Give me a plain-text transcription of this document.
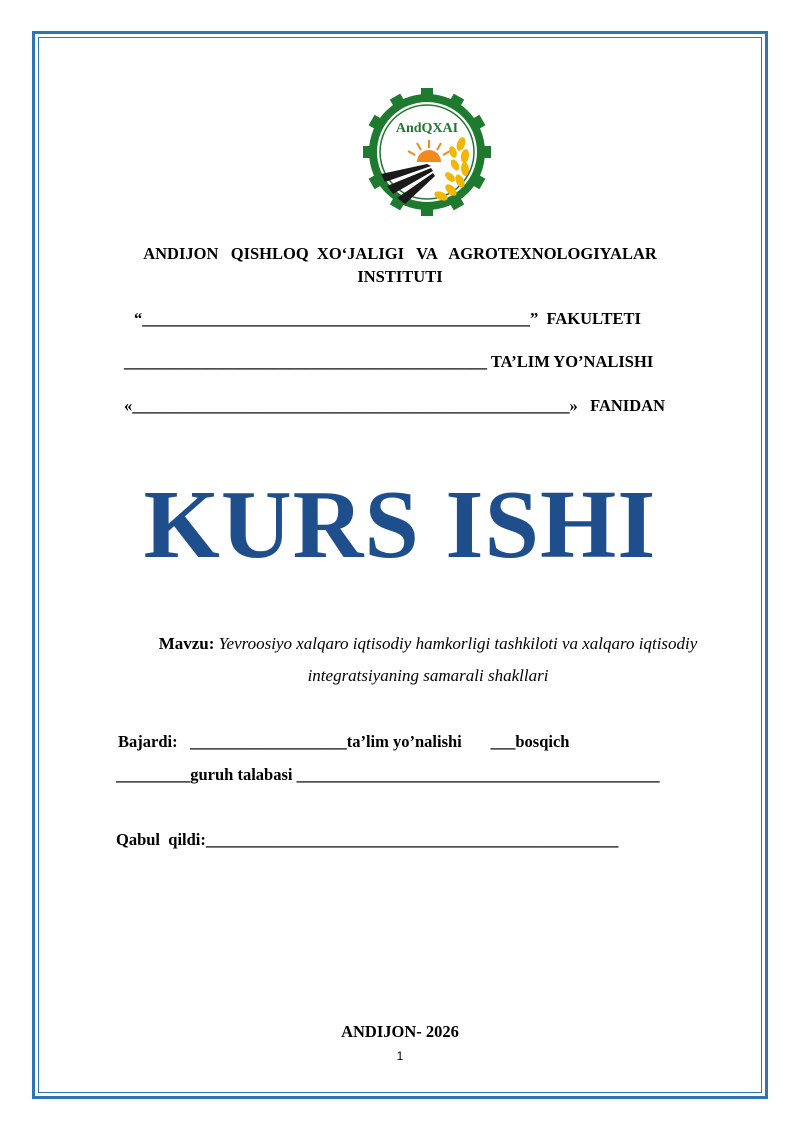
AndQXAI
ANDIJON   QISHLOQ  XO‘JALIGI   VA   AGROTEXNOLOGIYALAR
INSTITUTI
“_______________________________________________”  FAKULTETI
____________________________________________ TA’LIM YO’NALISHI
«_____________________________________________________»   FANIDAN
KURS ISHI
Mavzu: Yevroosiyo xalqaro iqtisodiy hamkorligi tashkiloti va xalqaro iqtisodiy
integratsiyaning samarali shakllari
Bajardi:   ___________________ta’lim yo’nalishi       ___bosqich
_________guruh talabasi ____________________________________________
Qabul  qildi:__________________________________________________
ANDIJON- 2026
1
